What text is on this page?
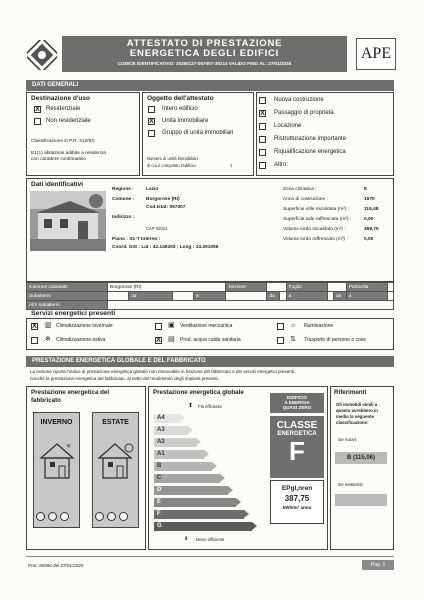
ATTESTATO DI PRESTAZIONE
ENERGETICA DEGLI EDIFICI
CODICE IDENTIFICATIVO: 20250127-057007-30214 VALIDO FINO AL: 27/01/2035
APE
DATI GENERALI
Destinazione d'uso
X Residenziale
Non residenziale
Classificazione D.P.R. 412/93:
E1(1) abitazioni adibite a residenza
con carattere continuativo
Oggetto dell'attestato
Intero edificio
X Unità immobiliare
Gruppo di unità immobiliari
Numero di unità immobiliari
di cui è composto l'edificio:	1
Nuova costruzione
X Passaggio di proprietà
Locazione
Ristrutturazione importante
Riqualificazione energetica
Altro:
Dati identificativi
Regione :	Lazio
Comune : Borgorose (RI)
Cod.Istat: 057007
Indirizzo :
CAP 02021
Piano : S1-T Interno :
Coord. GIS : Lat : 42.146293 ; Long : 13.291056
Zona climatica :	E
Anno di costruzione :	1970
Superficie utile riscaldata (m²) :	115,48
Superficie utile raffrescata (m²) :	0,00
Volume lordo riscaldato (m³) :	468,75
Volume lordo raffrescato (m³) :	0,00
Comune catastale	Borgorose (RI)				Sezione			Foglio			Particella	
Subalterni		da		a		da		a		da	a	
Altri subalterni												
Servizi energetici presenti
X ▥ Climatizzazione invernale
❄ Climatizzazione estiva
▣ Ventilazione meccanica
X ▤ Prod. acqua calda sanitaria
☼ Illuminazione
⇅ Trasporto di persone o cose
PRESTAZIONE ENERGETICA GLOBALE E DEL FABBRICATO
La sezione riporta l'indice di prestazione energetica globale non rinnovabile in funzione del fabbricato e dei servizi energetici presenti,
nonché la prestazione energetica del fabbricato, al netto del rendimento degli impianti presenti.
Prestazione energetica del
fabbricato
INVERNO
✳
ESTATE
Prestazione energetica globale
⬆ Più efficiente
A4
A3
A2
A1
B
C
D
E
F
G
⬇ Meno efficiente
EDIFICIO
A ENERGIA
QUASI ZERO
CLASSE
ENERGETICA
F
EPgl,nren
387,75
kWh/m² anno
Riferimenti
Gli immobili simili a
questo avrebbero in
media la seguente
classificazione:
Se nuovi:
B (115,06)
Se esistenti:
Prot. 96586 del 27/01/2025	Pag. 1
